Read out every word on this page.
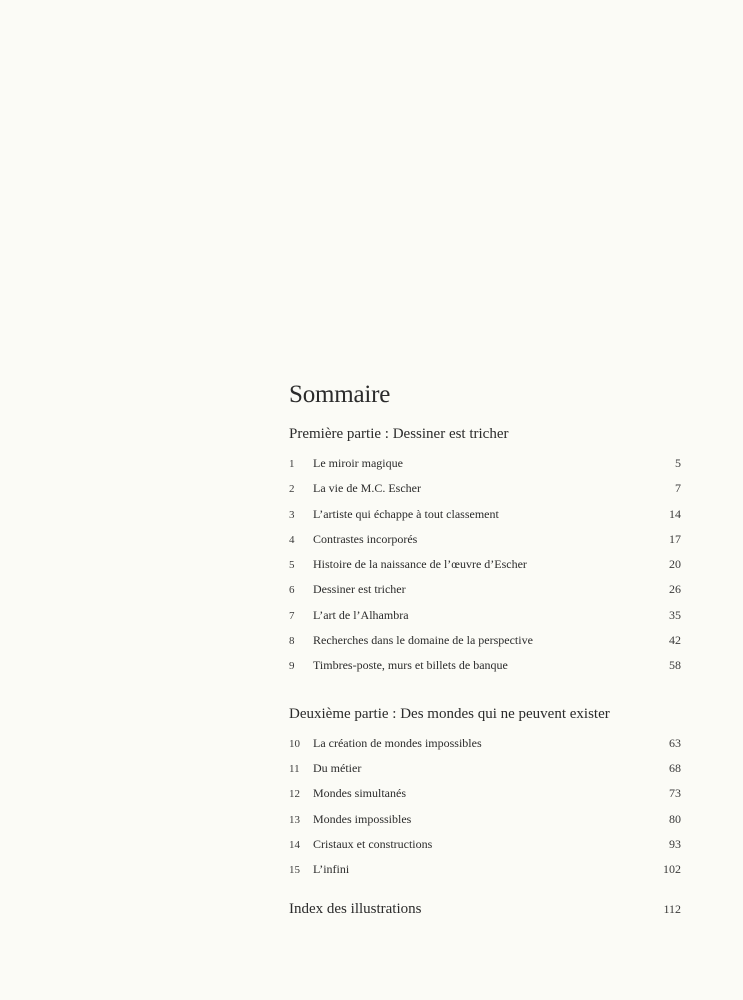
Sommaire
Première partie : Dessiner est tricher
1	Le miroir magique	5
2	La vie de M.C. Escher	7
3	L’artiste qui échappe à tout classement	14
4	Contrastes incorporés	17
5	Histoire de la naissance de l’œuvre d’Escher	20
6	Dessiner est tricher	26
7	L’art de l’Alhambra	35
8	Recherches dans le domaine de la perspective	42
9	Timbres-poste, murs et billets de banque	58
Deuxième partie : Des mondes qui ne peuvent exister
10	La création de mondes impossibles	63
11	Du métier	68
12	Mondes simultanés	73
13	Mondes impossibles	80
14	Cristaux et constructions	93
15	L’infini	102
Index des illustrations	112
